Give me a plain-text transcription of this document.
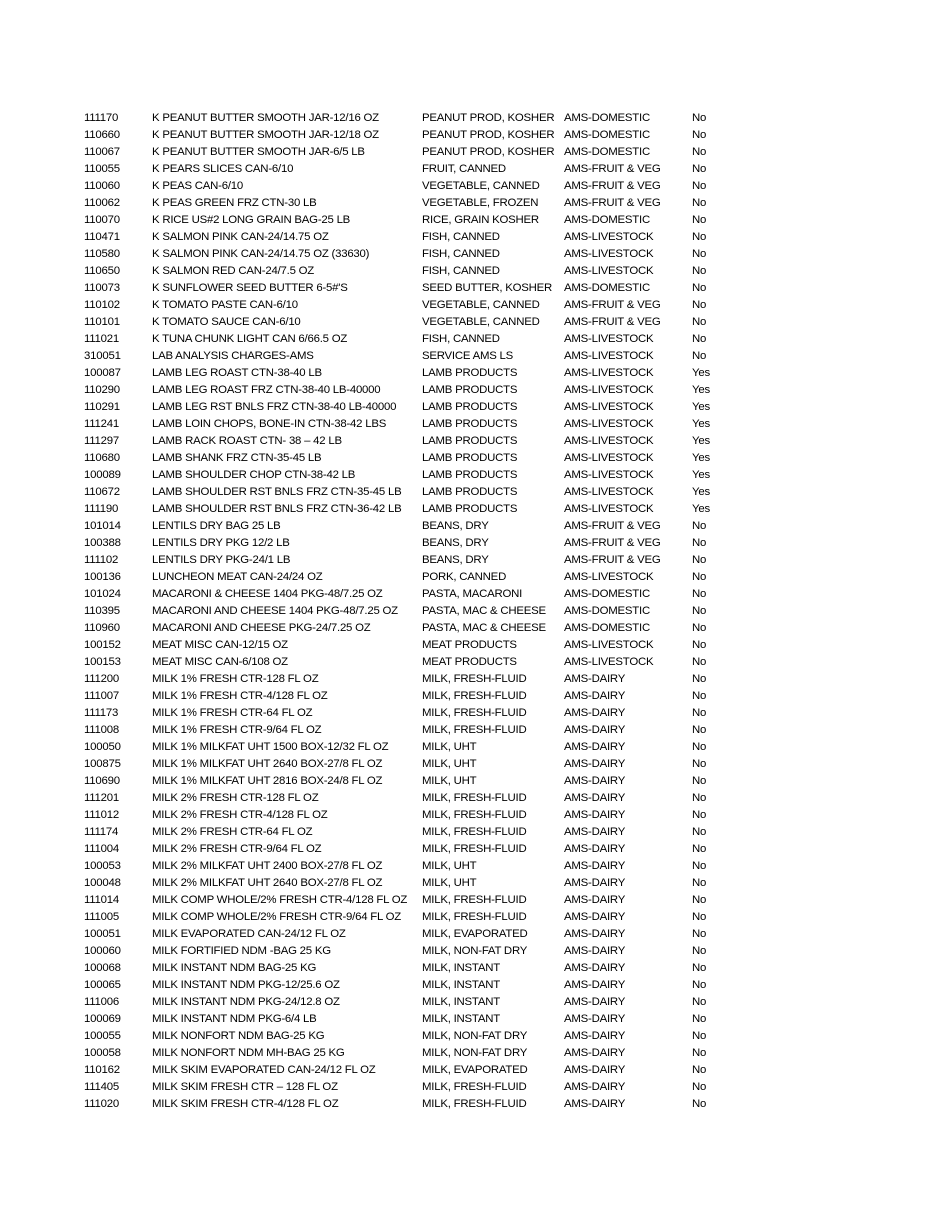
111170	K PEANUT BUTTER SMOOTH JAR-12/16 OZ	PEANUT PROD, KOSHER	AMS-DOMESTIC	No
110660	K PEANUT BUTTER SMOOTH JAR-12/18 OZ	PEANUT PROD, KOSHER	AMS-DOMESTIC	No
110067	K PEANUT BUTTER SMOOTH JAR-6/5 LB	PEANUT PROD, KOSHER	AMS-DOMESTIC	No
110055	K PEARS SLICES CAN-6/10	FRUIT, CANNED	AMS-FRUIT & VEG	No
110060	K PEAS CAN-6/10	VEGETABLE, CANNED	AMS-FRUIT & VEG	No
110062	K PEAS GREEN FRZ CTN-30 LB	VEGETABLE, FROZEN	AMS-FRUIT & VEG	No
110070	K RICE US#2 LONG GRAIN BAG-25 LB	RICE, GRAIN KOSHER	AMS-DOMESTIC	No
110471	K SALMON PINK CAN-24/14.75 OZ	FISH, CANNED	AMS-LIVESTOCK	No
110580	K SALMON PINK CAN-24/14.75 OZ (33630)	FISH, CANNED	AMS-LIVESTOCK	No
110650	K SALMON RED CAN-24/7.5 OZ	FISH, CANNED	AMS-LIVESTOCK	No
110073	K SUNFLOWER SEED BUTTER 6-5#'S	SEED BUTTER, KOSHER	AMS-DOMESTIC	No
110102	K TOMATO PASTE CAN-6/10	VEGETABLE, CANNED	AMS-FRUIT & VEG	No
110101	K TOMATO SAUCE CAN-6/10	VEGETABLE, CANNED	AMS-FRUIT & VEG	No
111021	K TUNA CHUNK LIGHT CAN 6/66.5 OZ	FISH, CANNED	AMS-LIVESTOCK	No
310051	LAB ANALYSIS CHARGES-AMS	SERVICE AMS LS	AMS-LIVESTOCK	No
100087	LAMB LEG ROAST CTN-38-40 LB	LAMB PRODUCTS	AMS-LIVESTOCK	Yes
110290	LAMB LEG ROAST FRZ CTN-38-40 LB-40000	LAMB PRODUCTS	AMS-LIVESTOCK	Yes
110291	LAMB LEG RST BNLS FRZ CTN-38-40 LB-40000	LAMB PRODUCTS	AMS-LIVESTOCK	Yes
111241	LAMB LOIN CHOPS, BONE-IN CTN-38-42 LBS	LAMB PRODUCTS	AMS-LIVESTOCK	Yes
111297	LAMB RACK ROAST CTN- 38 – 42 LB	LAMB PRODUCTS	AMS-LIVESTOCK	Yes
110680	LAMB SHANK FRZ CTN-35-45 LB	LAMB PRODUCTS	AMS-LIVESTOCK	Yes
100089	LAMB SHOULDER CHOP CTN-38-42 LB	LAMB PRODUCTS	AMS-LIVESTOCK	Yes
110672	LAMB SHOULDER RST BNLS FRZ CTN-35-45 LB	LAMB PRODUCTS	AMS-LIVESTOCK	Yes
111190	LAMB SHOULDER RST BNLS FRZ CTN-36-42 LB	LAMB PRODUCTS	AMS-LIVESTOCK	Yes
101014	LENTILS DRY BAG 25 LB	BEANS, DRY	AMS-FRUIT & VEG	No
100388	LENTILS DRY PKG 12/2 LB	BEANS, DRY	AMS-FRUIT & VEG	No
111102	LENTILS DRY PKG-24/1 LB	BEANS, DRY	AMS-FRUIT & VEG	No
100136	LUNCHEON MEAT CAN-24/24 OZ	PORK, CANNED	AMS-LIVESTOCK	No
101024	MACARONI & CHEESE 1404 PKG-48/7.25 OZ	PASTA, MACARONI	AMS-DOMESTIC	No
110395	MACARONI AND CHEESE 1404 PKG-48/7.25 OZ	PASTA, MAC & CHEESE	AMS-DOMESTIC	No
110960	MACARONI AND CHEESE PKG-24/7.25 OZ	PASTA, MAC & CHEESE	AMS-DOMESTIC	No
100152	MEAT MISC CAN-12/15 OZ	MEAT PRODUCTS	AMS-LIVESTOCK	No
100153	MEAT MISC CAN-6/108 OZ	MEAT PRODUCTS	AMS-LIVESTOCK	No
111200	MILK 1% FRESH CTR-128 FL OZ	MILK, FRESH-FLUID	AMS-DAIRY	No
111007	MILK 1% FRESH CTR-4/128 FL OZ	MILK, FRESH-FLUID	AMS-DAIRY	No
111173	MILK 1% FRESH CTR-64 FL OZ	MILK, FRESH-FLUID	AMS-DAIRY	No
111008	MILK 1% FRESH CTR-9/64 FL OZ	MILK, FRESH-FLUID	AMS-DAIRY	No
100050	MILK 1% MILKFAT UHT 1500 BOX-12/32 FL OZ	MILK, UHT	AMS-DAIRY	No
100875	MILK 1% MILKFAT UHT 2640 BOX-27/8 FL OZ	MILK, UHT	AMS-DAIRY	No
110690	MILK 1% MILKFAT UHT 2816 BOX-24/8 FL OZ	MILK, UHT	AMS-DAIRY	No
111201	MILK 2% FRESH CTR-128 FL OZ	MILK, FRESH-FLUID	AMS-DAIRY	No
111012	MILK 2% FRESH CTR-4/128 FL OZ	MILK, FRESH-FLUID	AMS-DAIRY	No
111174	MILK 2% FRESH CTR-64 FL OZ	MILK, FRESH-FLUID	AMS-DAIRY	No
111004	MILK 2% FRESH CTR-9/64 FL OZ	MILK, FRESH-FLUID	AMS-DAIRY	No
100053	MILK 2% MILKFAT UHT 2400 BOX-27/8 FL OZ	MILK, UHT	AMS-DAIRY	No
100048	MILK 2% MILKFAT UHT 2640 BOX-27/8 FL OZ	MILK, UHT	AMS-DAIRY	No
111014	MILK COMP WHOLE/2% FRESH CTR-4/128 FL OZ	MILK, FRESH-FLUID	AMS-DAIRY	No
111005	MILK COMP WHOLE/2% FRESH CTR-9/64 FL OZ	MILK, FRESH-FLUID	AMS-DAIRY	No
100051	MILK EVAPORATED CAN-24/12 FL OZ	MILK, EVAPORATED	AMS-DAIRY	No
100060	MILK FORTIFIED NDM -BAG 25 KG	MILK, NON-FAT DRY	AMS-DAIRY	No
100068	MILK INSTANT NDM BAG-25 KG	MILK, INSTANT	AMS-DAIRY	No
100065	MILK INSTANT NDM PKG-12/25.6 OZ	MILK, INSTANT	AMS-DAIRY	No
111006	MILK INSTANT NDM PKG-24/12.8 OZ	MILK, INSTANT	AMS-DAIRY	No
100069	MILK INSTANT NDM PKG-6/4 LB	MILK, INSTANT	AMS-DAIRY	No
100055	MILK NONFORT NDM BAG-25 KG	MILK, NON-FAT DRY	AMS-DAIRY	No
100058	MILK NONFORT NDM MH-BAG 25 KG	MILK, NON-FAT DRY	AMS-DAIRY	No
110162	MILK SKIM EVAPORATED CAN-24/12 FL OZ	MILK, EVAPORATED	AMS-DAIRY	No
111405	MILK SKIM FRESH CTR – 128 FL OZ	MILK, FRESH-FLUID	AMS-DAIRY	No
111020	MILK SKIM FRESH CTR-4/128 FL OZ	MILK, FRESH-FLUID	AMS-DAIRY	No
